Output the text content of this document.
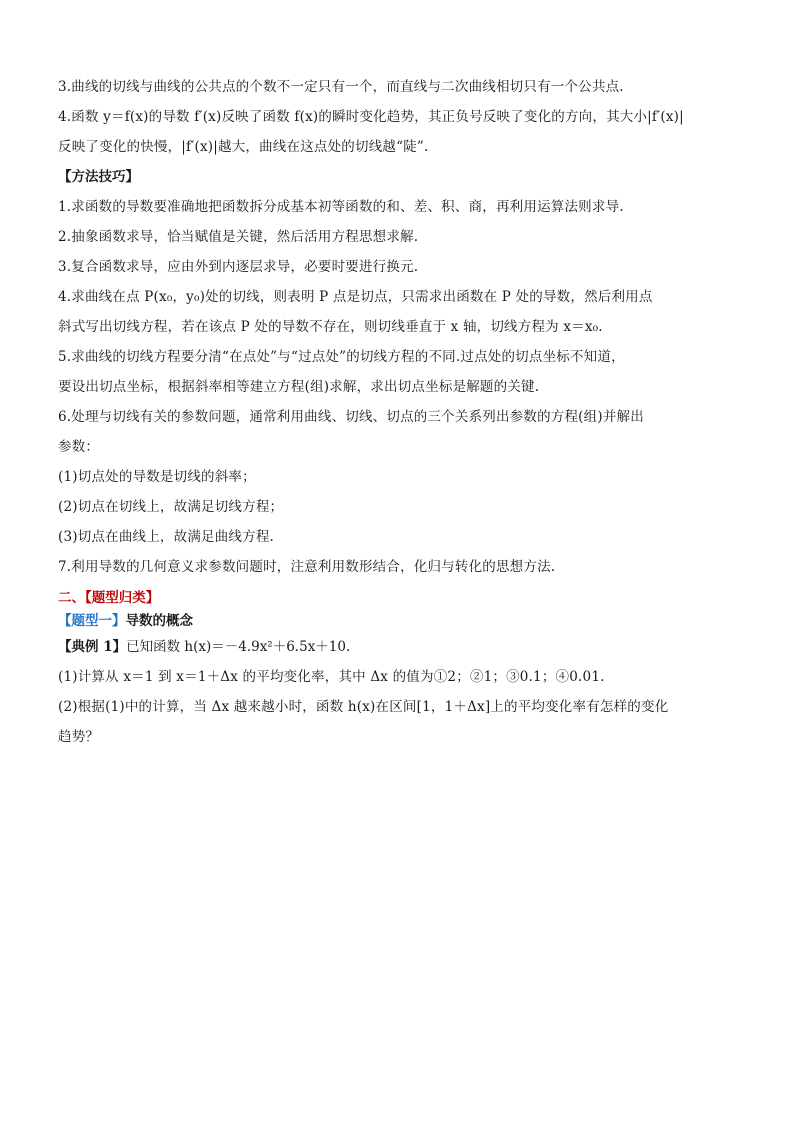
3.曲线的切线与曲线的公共点的个数不一定只有一个，而直线与二次曲线相切只有一个公共点.
4.函数 y＝f(x)的导数 f′(x)反映了函数 f(x)的瞬时变化趋势，其正负号反映了变化的方向，其大小|f′(x)|
反映了变化的快慢，|f′(x)|越大，曲线在这点处的切线越“陡”.
【方法技巧】
1.求函数的导数要准确地把函数拆分成基本初等函数的和、差、积、商，再利用运算法则求导.
2.抽象函数求导，恰当赋值是关键，然后活用方程思想求解.
3.复合函数求导，应由外到内逐层求导，必要时要进行换元.
4.求曲线在点 P(x₀，y₀)处的切线，则表明 P 点是切点，只需求出函数在 P 处的导数，然后利用点
斜式写出切线方程，若在该点 P 处的导数不存在，则切线垂直于 x 轴，切线方程为 x＝x₀.
5.求曲线的切线方程要分清“在点处”与“过点处”的切线方程的不同.过点处的切点坐标不知道，
要设出切点坐标，根据斜率相等建立方程(组)求解，求出切点坐标是解题的关键.
6.处理与切线有关的参数问题，通常利用曲线、切线、切点的三个关系列出参数的方程(组)并解出
参数：
(1)切点处的导数是切线的斜率；
(2)切点在切线上，故满足切线方程；
(3)切点在曲线上，故满足曲线方程.
7.利用导数的几何意义求参数问题时，注意利用数形结合，化归与转化的思想方法.
二、【题型归类】
【题型一】导数的概念
【典例 1】已知函数 h(x)＝－4.9x²＋6.5x＋10.
(1)计算从 x＝1 到 x＝1＋Δx 的平均变化率，其中 Δx 的值为①2；②1；③0.1；④0.01.
(2)根据(1)中的计算，当 Δx 越来越小时，函数 h(x)在区间[1，1＋Δx]上的平均变化率有怎样的变化
趋势？
